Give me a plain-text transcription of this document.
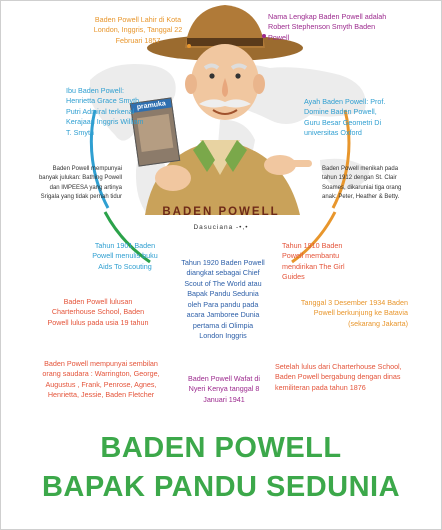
pramuka
BADEN POWELL
Dasuciana -•,•
Baden Powell Lahir di Kota London, Inggris, Tanggal 22 Februari 1857
Nama Lengkap Baden Powell adalah Robert Stephenson Smyth Baden Powell
Ibu Baden Powell: Henrietta Grace Smyth, Putri Admiral terkenal Kerajaan Inggris William T. Smyth
Ayah Baden Powell: Prof. Domine Baden Powell, Guru Besar Geometri Di universitas Oxford
Baden Powell mempunyai banyak julukan: Bathing Powell dan IMPEESA yang artinya Srigala yang tidak pernah tidur
Baden Powell menikah pada tahun 1912 dengan St. Clair Soames, dikaruniai tiga orang anak: Peter, Heather & Betty.
Tahun 1901 Baden Powell menulis buku Aids To Scouting	Tahun 1920 Baden Powell diangkat sebagai Chief Scout of The World atau Bapak Pandu Sedunia oleh Para pandu pada acara Jamboree Dunia pertama di Olimpia London Inggris
Tahun 1910 Baden Powell membantu mendirikan The Girl Guides
Baden Powell lulusan Charterhouse School, Baden Powell lulus pada usia 19 tahun
Tanggal 3 Desember 1934 Baden Powell berkunjung ke Batavia (sekarang Jakarta)
Baden Powell mempunyai sembilan orang saudara : Warrington, George, Augustus , Frank, Penrose, Agnes, Henrietta, Jessie, Baden Fletcher
Baden Powell Wafat di Nyeri Kenya tanggal 8 Januari 1941
Setelah lulus dari Charterhouse School, Baden Powell bergabung dengan dinas kemiliteran pada tahun 1876
BADEN POWELL
BAPAK PANDU SEDUNIA
